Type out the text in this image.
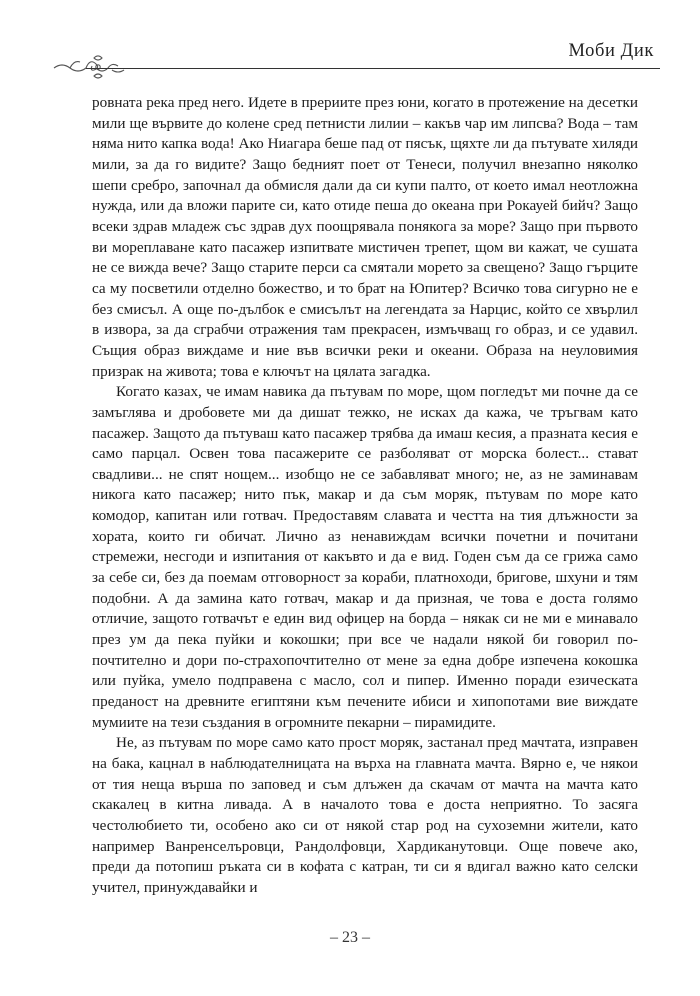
Моби Дик

ровната река пред него. Идете в прериите през юни, когато в протежение на десетки мили ще вървите до колене сред петнисти лилии – какъв чар им липсва? Вода – там няма нито капка вода! Ако Ниагара беше пад от пясък, щяхте ли да пътувате хиляди мили, за да го видите? Защо бедният поет от Тенеси, получил внезапно няколко шепи сребро, започнал да обмисля дали да си купи палто, от което имал неотложна нужда, или да вложи парите си, като отиде пеша до океана при Рокауей бийч? Защо всеки здрав младеж със здрав дух поощрявала понякога за море? Защо при първото ви мореплаване като пасажер изпитвате мистичен трепет, щом ви кажат, че сушата не се вижда вече? Защо старите перси са смятали морето за свещено? Защо гърците са му посветили отделно божество, и то брат на Юпитер? Всичко това сигурно не е без смисъл. А още по-дълбок е смисълът на легендата за Нарцис, който се хвърлил в извора, за да сграбчи отражения там прекрасен, измъчващ го образ, и се удавил. Същия образ виждаме и ние във всички реки и океани. Образа на неуловимия призрак на живота; това е ключът на цялата загадка.

Когато казах, че имам навика да пътувам по море, щом погледът ми почне да се замъглява и дробовете ми да дишат тежко, не исках да кажа, че тръгвам като пасажер. Защото да пътуваш като пасажер трябва да имаш кесия, а празната кесия е само парцал. Освен това пасажерите се разболяват от морска болест... стават свадливи... не спят нощем... изобщо не се забавляват много; не, аз не заминавам никога като пасажер; нито пък, макар и да съм моряк, пътувам по море като комодор, капитан или готвач. Предоставям славата и честта на тия длъжности за хората, които ги обичат. Лично аз ненавиждам всички почетни и почитани стремежи, несгоди и изпитания от какъвто и да е вид. Годен съм да се грижа само за себе си, без да поемам отговорност за кораби, платноходи, бригове, шхуни и тям подобни. А да замина като готвач, макар и да призная, че това е доста голямо отличие, защото готвачът е един вид офицер на борда – някак си не ми е минавало през ум да пека пуйки и кокошки; при все че надали някой би говорил по-почтително и дори по-страхопочтително от мене за една добре изпечена кокошка или пуйка, умело подправена с масло, сол и пипер. Именно поради езическата преданост на древните египтяни към печените ибиси и хипопотами вие виждате мумиите на тези създания в огромните пекарни – пирамидите.

Не, аз пътувам по море само като прост моряк, застанал пред мачтата, изправен на бака, кацнал в наблюдателницата на върха на главната мачта. Вярно е, че някои от тия неща върша по заповед и съм длъжен да скачам от мачта на мачта като скакалец в китна ливада. А в началото това е доста неприятно. То засяга честолюбието ти, особено ако си от някой стар род на сухоземни жители, като например Ванренселъровци, Рандолфовци, Хардиканутовци. Още повече ако, преди да потопиш ръката си в кофата с катран, ти си я вдигал важно като селски учител, принуждавайки и

– 23 –
